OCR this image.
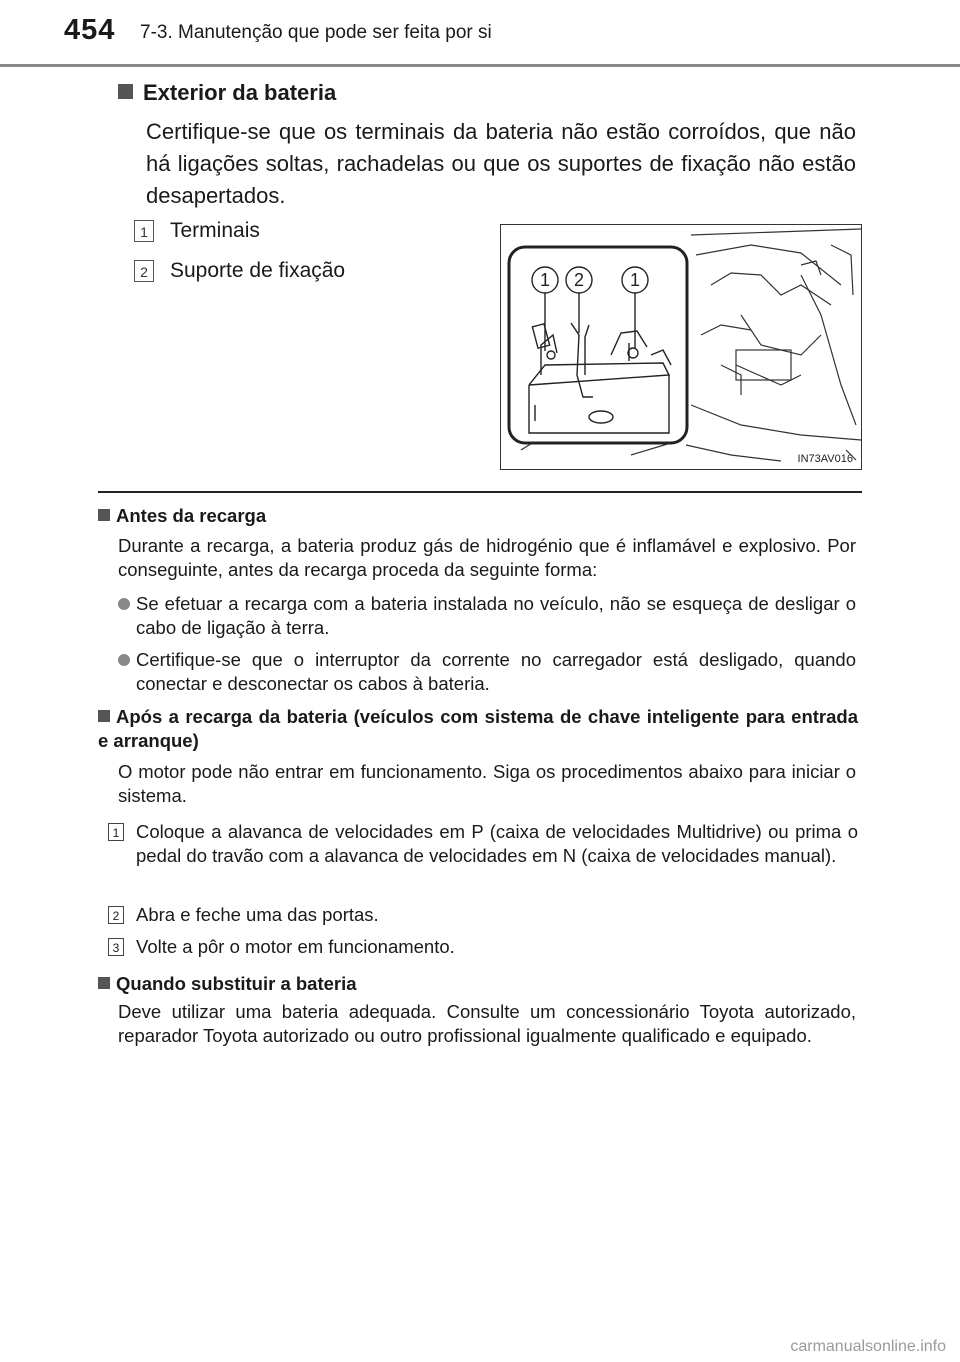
454 7-3. Manutenção que pode ser feita por si
Exterior da bateria
Certifique-se que os terminais da bateria não estão corroídos, que não há ligações soltas, rachadelas ou que os suportes de fixação não estão desapertados.
1 Terminais
2 Suporte de fixação	1 2	1
IN73AV016
Antes da recarga
Durante a recarga, a bateria produz gás de hidrogénio que é inflamável e explosivo. Por conseguinte, antes da recarga proceda da seguinte forma:
Se efetuar a recarga com a bateria instalada no veículo, não se esqueça de desligar o cabo de ligação à terra.
Certifique-se que o interruptor da corrente no carregador está desligado, quando conectar e desconectar os cabos à bateria.
Após a recarga da bateria (veículos com sistema de chave inteligente para entrada e arranque)
O motor pode não entrar em funcionamento. Siga os procedimentos abaixo para iniciar o sistema.
1 Coloque a alavanca de velocidades em P (caixa de velocidades Multidrive) ou prima o pedal do travão com a alavanca de velocidades em N (caixa de velocidades manual).
2 Abra e feche uma das portas.
3 Volte a pôr o motor em funcionamento.
Quando substituir a bateria
Deve utilizar uma bateria adequada. Consulte um concessionário Toyota autorizado, reparador Toyota autorizado ou outro profissional igualmente qualificado e equipado.
carmanualsonline.info
